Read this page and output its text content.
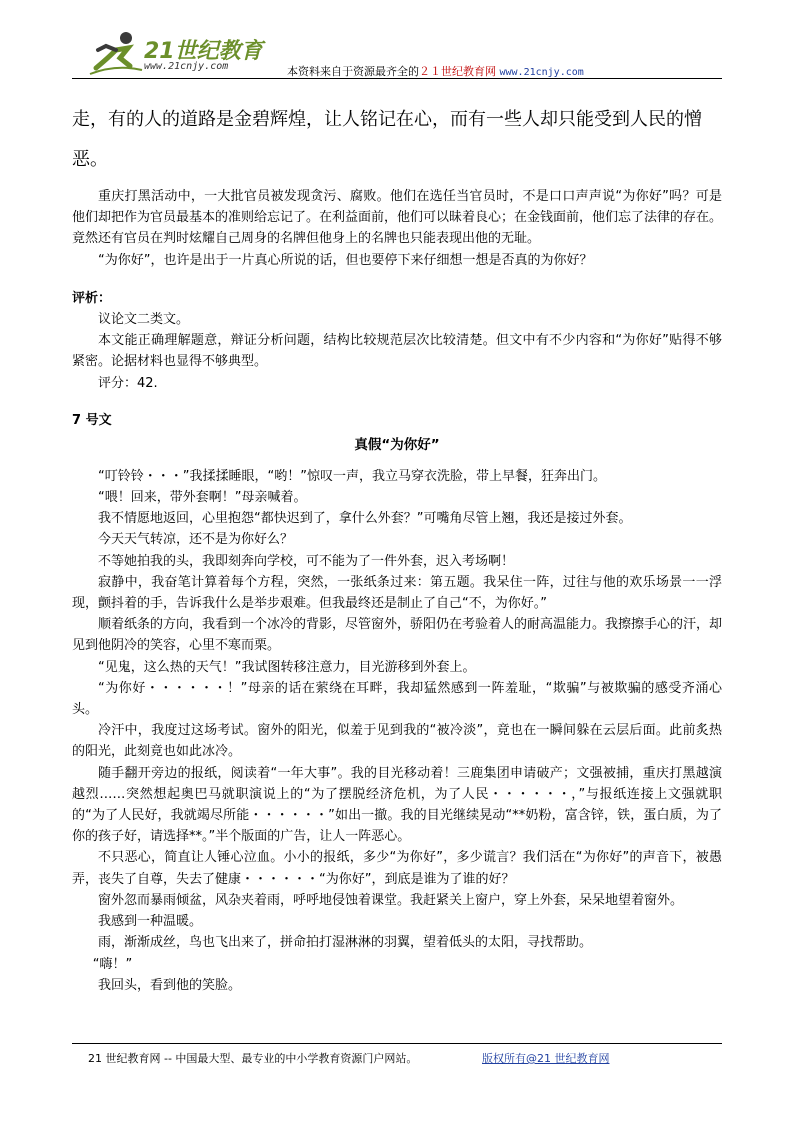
21世纪教育
www.21cnjy.com	本资料来自于资源最齐全的２１世纪教育网 www.21cnjy.com

走，有的人的道路是金碧辉煌，让人铭记在心，而有一些人却只能受到人民的憎恶。

重庆打黑活动中，一大批官员被发现贪污、腐败。他们在选任当官员时，不是口口声声说“为你好”吗？可是他们却把作为官员最基本的准则给忘记了。在利益面前，他们可以昧着良心；在金钱面前，他们忘了法律的存在。竟然还有官员在判时炫耀自己周身的名牌但他身上的名牌也只能表现出他的无耻。

“为你好”，也许是出于一片真心所说的话，但也要停下来仔细想一想是否真的为你好？

评析：

议论文二类文。

本文能正确理解题意，辩证分析问题，结构比较规范层次比较清楚。但文中有不少内容和“为你好”贴得不够紧密。论据材料也显得不够典型。

评分：42.

7 号文

真假“为你好”

“叮铃铃・・・”我揉揉睡眼，“哟！”惊叹一声，我立马穿衣洗脸，带上早餐，狂奔出门。

“喂！回来，带外套啊！”母亲喊着。

我不情愿地返回，心里抱怨“都快迟到了，拿什么外套？”可嘴角尽管上翘，我还是接过外套。

今天天气转凉，还不是为你好么？

不等她拍我的头，我即刻奔向学校，可不能为了一件外套，迟入考场啊！

寂静中，我奋笔计算着每个方程，突然，一张纸条过来：第五题。我呆住一阵，过往与他的欢乐场景一一浮现，颤抖着的手，告诉我什么是举步艰难。但我最终还是制止了自己“不，为你好。”

顺着纸条的方向，我看到一个冰冷的背影，尽管窗外，骄阳仍在考验着人的耐高温能力。我擦擦手心的汗，却见到他阴冷的笑容，心里不寒而栗。

“见鬼，这么热的天气！”我试图转移注意力，目光游移到外套上。

“为你好・・・・・・！”母亲的话在萦绕在耳畔，我却猛然感到一阵羞耻，“欺骗”与被欺骗的感受齐涌心头。

冷汗中，我度过这场考试。窗外的阳光，似羞于见到我的“被冷淡”，竟也在一瞬间躲在云层后面。此前炙热的阳光，此刻竟也如此冰冷。

随手翻开旁边的报纸，阅读着“一年大事”。我的目光移动着！三鹿集团申请破产；文强被捕，重庆打黑越演越烈……突然想起奥巴马就职演说上的“为了摆脱经济危机，为了人民・・・・・・，”与报纸连接上文强就职的“为了人民好，我就竭尽所能・・・・・・”如出一撤。我的目光继续晃动“**奶粉，富含锌，铁，蛋白质，为了你的孩子好，请选择**。”半个版面的广告，让人一阵恶心。

不只恶心，简直让人锤心泣血。小小的报纸，多少“为你好”，多少谎言？我们活在“为你好”的声音下，被愚弄，丧失了自尊，失去了健康・・・・・・“为你好”，到底是谁为了谁的好？

窗外忽而暴雨倾盆，风杂夹着雨，呼呼地侵蚀着课堂。我赶紧关上窗户，穿上外套，呆呆地望着窗外。

我感到一种温暖。

雨，渐渐成丝，鸟也飞出来了，拼命拍打湿淋淋的羽翼，望着低头的太阳，寻找帮助。

“嗨！”

我回头，看到他的笑脸。

21 世纪教育网 -- 中国最大型、最专业的中小学教育资源门户网站。	版权所有@21 世纪教育网
